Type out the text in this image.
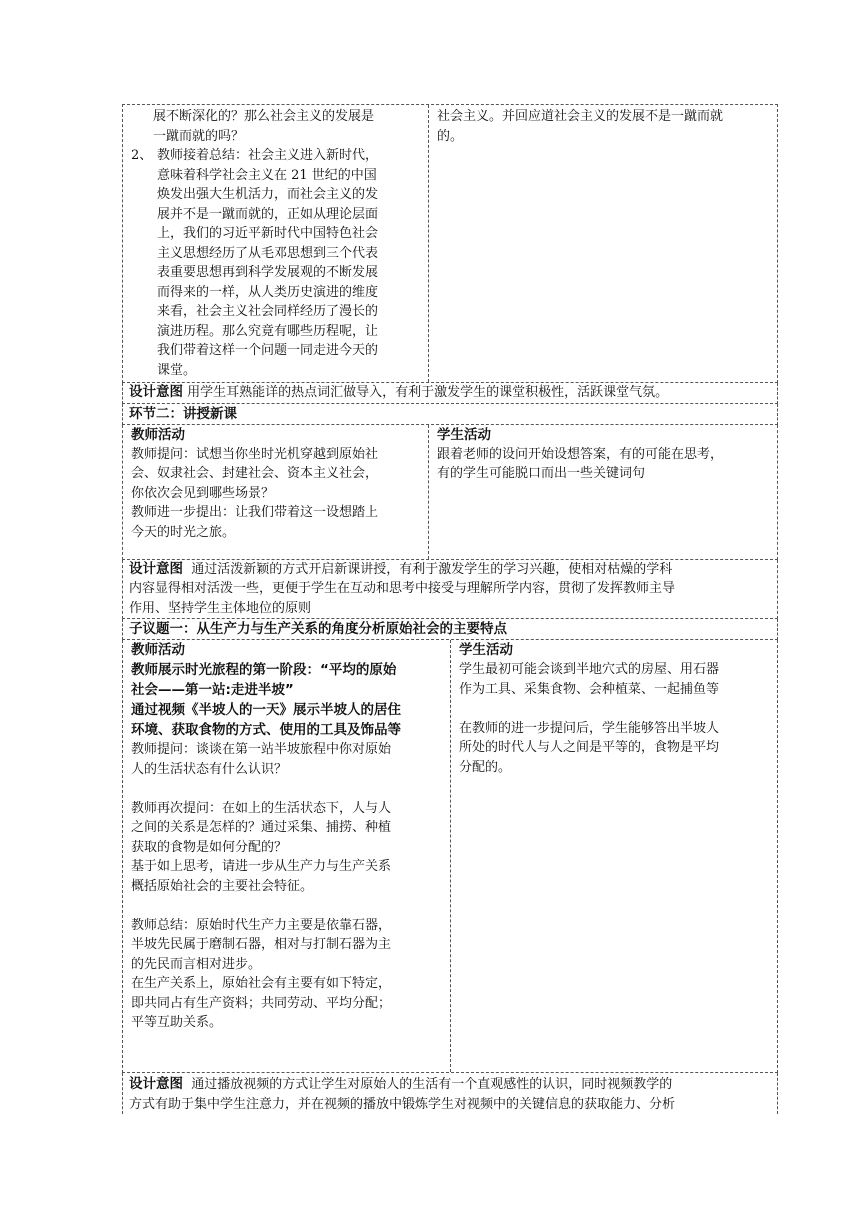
展不断深化的？那么社会主义的发展是

一蹴而就的吗？

2、 教师接着总结：社会主义进入新时代，

意味着科学社会主义在 21 世纪的中国

焕发出强大生机活力，而社会主义的发

展并不是一蹴而就的，正如从理论层面

上，我们的习近平新时代中国特色社会

主义思想经历了从毛邓思想到三个代表

表重要思想再到科学发展观的不断发展

而得来的一样，从人类历史演进的维度

来看，社会主义社会同样经历了漫长的

演进历程。那么究竟有哪些历程呢，让

我们带着这样一个问题一同走进今天的

课堂。

社会主义。并回应道社会主义的发展不是一蹴而就

的。

设计意图 用学生耳熟能详的热点词汇做导入，有利于激发学生的课堂积极性，活跃课堂气氛。
环节二：讲授新课

教师活动

教师提问：试想当你坐时光机穿越到原始社

会、奴隶社会、封建社会、资本主义社会，

你依次会见到哪些场景？

教师进一步提出：让我们带着这一设想踏上

今天的时光之旅。

学生活动

跟着老师的设问开始设想答案，有的可能在思考，

有的学生可能脱口而出一些关键词句

设计意图 通过活泼新颖的方式开启新课讲授，有利于激发学生的学习兴趣，使相对枯燥的学科

内容显得相对活泼一些，更便于学生在互动和思考中接受与理解所学内容，贯彻了发挥教师主导

作用、坚持学生主体地位的原则

子议题一：从生产力与生产关系的角度分析原始社会的主要特点

教师活动

教师展示时光旅程的第一阶段：“平均的原始

社会——第一站:走进半坡”

通过视频《半坡人的一天》展示半坡人的居住

环境、获取食物的方式、使用的工具及饰品等

教师提问：谈谈在第一站半坡旅程中你对原始

人的生活状态有什么认识？

教师再次提问：在如上的生活状态下，人与人

之间的关系是怎样的？通过采集、捕捞、种植

获取的食物是如何分配的？

基于如上思考，请进一步从生产力与生产关系

概括原始社会的主要社会特征。

教师总结：原始时代生产力主要是依靠石器，

半坡先民属于磨制石器，相对与打制石器为主

的先民而言相对进步。

在生产关系上，原始社会有主要有如下特定，

即共同占有生产资料；共同劳动、平均分配；

平等互助关系。

学生活动

学生最初可能会谈到半地穴式的房屋、用石器

作为工具、采集食物、会种植菜、一起捕鱼等

在教师的进一步提问后，学生能够答出半坡人

所处的时代人与人之间是平等的，食物是平均

分配的。

设计意图 通过播放视频的方式让学生对原始人的生活有一个直观感性的认识，同时视频教学的

方式有助于集中学生注意力，并在视频的播放中锻炼学生对视频中的关键信息的获取能力、分析
